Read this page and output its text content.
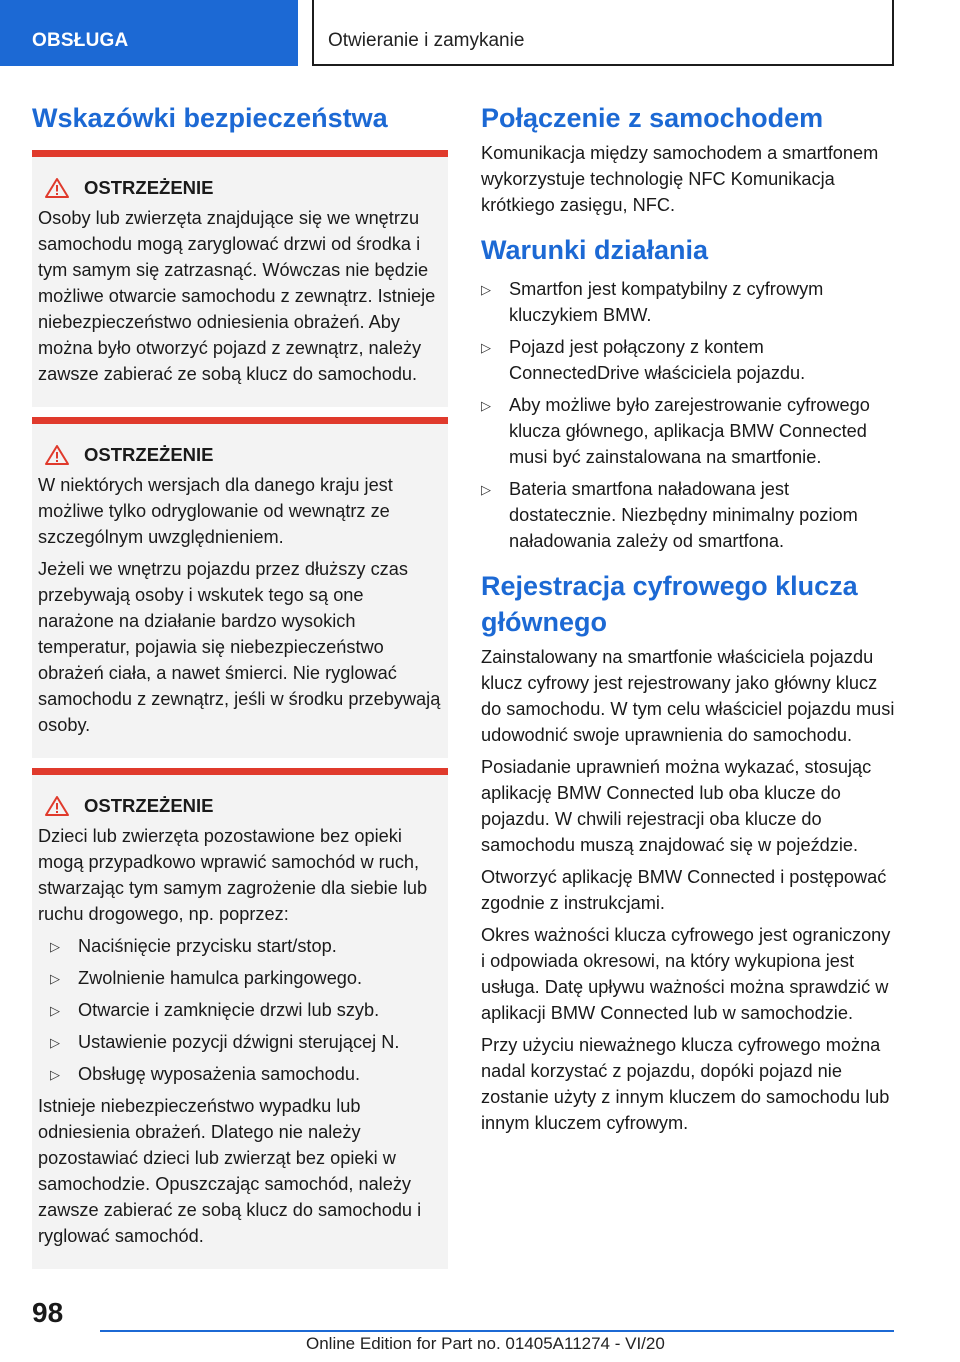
OBSŁUGA	Otwieranie i zamykanie
Wskazówki bezpieczeństwa
OSTRZEŻENIE

Osoby lub zwierzęta znajdujące się we wnętrzu samochodu mogą zaryglować drzwi od środka i tym samym się zatrzasnąć. Wówczas nie będzie możliwe otwarcie samochodu z zewnątrz. Istnieje niebezpieczeństwo odniesienia obrażeń. Aby można było otworzyć pojazd z zewnątrz, należy zawsze zabierać ze sobą klucz do samochodu.

OSTRZEŻENIE

W niektórych wersjach dla danego kraju jest możliwe tylko odryglowanie od wewnątrz ze szczególnym uwzględnieniem.

Jeżeli we wnętrzu pojazdu przez dłuższy czas przebywają osoby i wskutek tego są one narażone na działanie bardzo wysokich temperatur, pojawia się niebezpieczeństwo obrażeń ciała, a nawet śmierci. Nie ryglować samochodu z zewnątrz, jeśli w środku przebywają osoby.

OSTRZEŻENIE

Dzieci lub zwierzęta pozostawione bez opieki mogą przypadkowo wprawić samochód w ruch, stwarzając tym samym zagrożenie dla siebie lub ruchu drogowego, np. poprzez:

▷ Naciśnięcie przycisku start/stop.
▷ Zwolnienie hamulca parkingowego.
▷ Otwarcie i zamknięcie drzwi lub szyb.
▷ Ustawienie pozycji dźwigni sterującej N.
▷ Obsługę wyposażenia samochodu.

Istnieje niebezpieczeństwo wypadku lub odniesienia obrażeń. Dlatego nie należy pozostawiać dzieci lub zwierząt bez opieki w samochodzie. Opuszczając samochód, należy zawsze zabierać ze sobą klucz do samochodu i ryglować samochód.

Połączenie z samochodem

Komunikacja między samochodem a smartfonem wykorzystuje technologię NFC Komunikacja krótkiego zasięgu, NFC.

Warunki działania
▷ Smartfon jest kompatybilny z cyfrowym kluczykiem BMW.
▷ Pojazd jest połączony z kontem ConnectedDrive właściciela pojazdu.
▷ Aby możliwe było zarejestrowanie cyfrowego klucza głównego, aplikacja BMW Connected musi być zainstalowana na smartfonie.
▷ Bateria smartfona naładowana jest dostatecznie. Niezbędny minimalny poziom naładowania zależy od smartfona.
Rejestracja cyfrowego klucza głównego

Zainstalowany na smartfonie właściciela pojazdu klucz cyfrowy jest rejestrowany jako główny klucz do samochodu. W tym celu właściciel pojazdu musi udowodnić swoje uprawnienia do samochodu.

Posiadanie uprawnień można wykazać, stosując aplikację BMW Connected lub oba klucze do pojazdu. W chwili rejestracji oba klucze do samochodu muszą znajdować się w pojeździe.

Otworzyć aplikację BMW Connected i postępować zgodnie z instrukcjami.

Okres ważności klucza cyfrowego jest ograniczony i odpowiada okresowi, na który wykupiona jest usługa. Datę upływu ważności można sprawdzić w aplikacji BMW Connected lub w samochodzie.

Przy użyciu nieważnego klucza cyfrowego można nadal korzystać z pojazdu, dopóki pojazd nie zostanie użyty z innym kluczem do samochodu lub innym kluczem cyfrowym.

98
Online Edition for Part no. 01405A11274 - VI/20
